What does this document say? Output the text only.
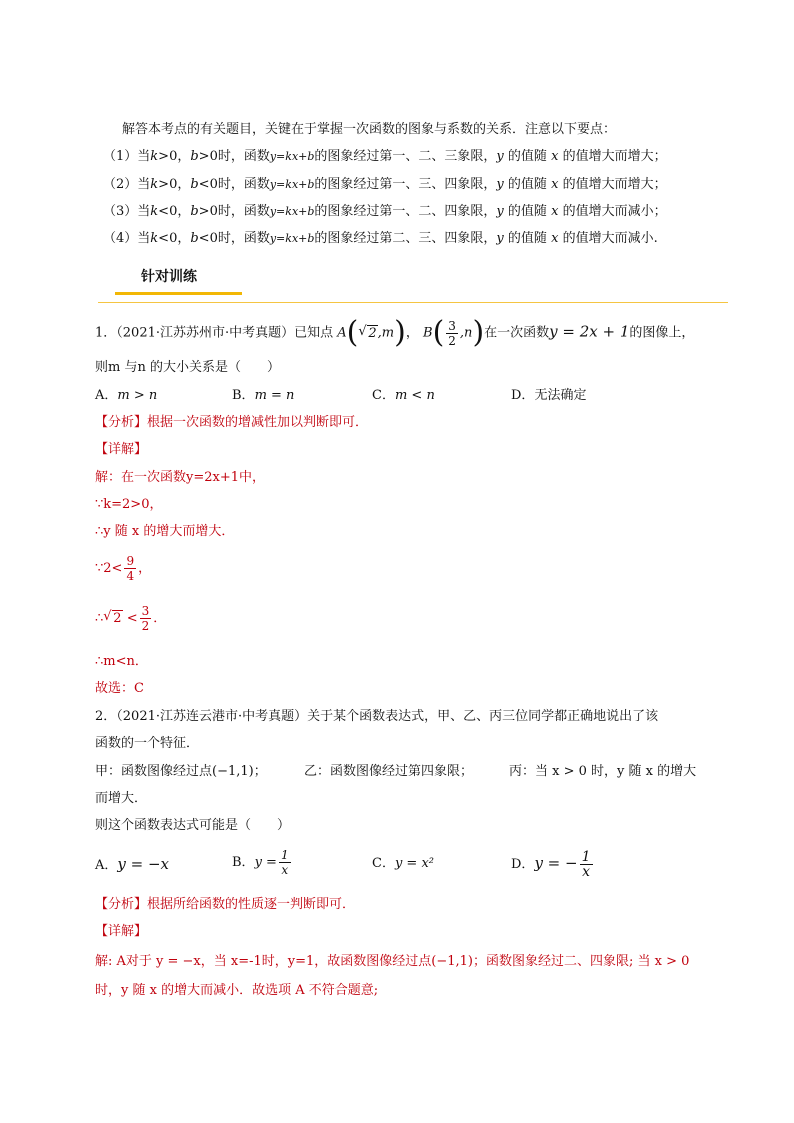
解答本考点的有关题目，关键在于掌握一次函数的图象与系数的关系．注意以下要点：
（1）当k>0，b>0时，函数y=kx+b的图象经过第一、二、三象限，y 的值随 x 的值增大而增大；
（2）当k>0，b<0时，函数y=kx+b的图象经过第一、三、四象限，y 的值随 x 的值增大而增大；
（3）当k<0，b>0时，函数y=kx+b的图象经过第一、二、四象限，y 的值随 x 的值增大而减小；
（4）当k<0，b<0时，函数y=kx+b的图象经过第二、三、四象限，y 的值随 x 的值增大而减小.
针对训练
1．（2021·江苏苏州市·中考真题）已知点 A( √ 2,m)， $B( \frac{3}{2} ,n)$在一次函数y = 2x + 1的图像上，
则m 与n 的大小关系是（　　）
A．m > n	B．m = n	C．m < n	D．无法确定
【分析】根据一次函数的增减性加以判断即可．
【详解】
解：在一次函数y=2x+1中，
∵k=2>0，
∴y 随 x 的增大而增大．
∵2< $\frac{9}{4}$ ，
∴ √ $2 < \frac{3}{2}$ ．
∴m<n．
故选：C
2．（2021·江苏连云港市·中考真题）关于某个函数表达式，甲、乙、丙三位同学都正确地说出了该
函数的一个特征．
甲：函数图像经过点(−1,1)；	乙：函数图像经过第四象限；	丙：当 x > 0 时，y 随 x 的增大
而增大．
则这个函数表达式可能是（　　）
A．y = −x	B．$y = \frac{1}{x}$	C．y = x²	D．y = − $\frac{1}{x}$
【分析】根据所给函数的性质逐一判断即可．
【详解】
解: A对于 y = −x，当 x=-1时，y=1，故函数图像经过点(−1,1)；函数图象经过二、四象限; 当 x > 0
时，y 随 x 的增大而减小．故选项 A 不符合题意;
